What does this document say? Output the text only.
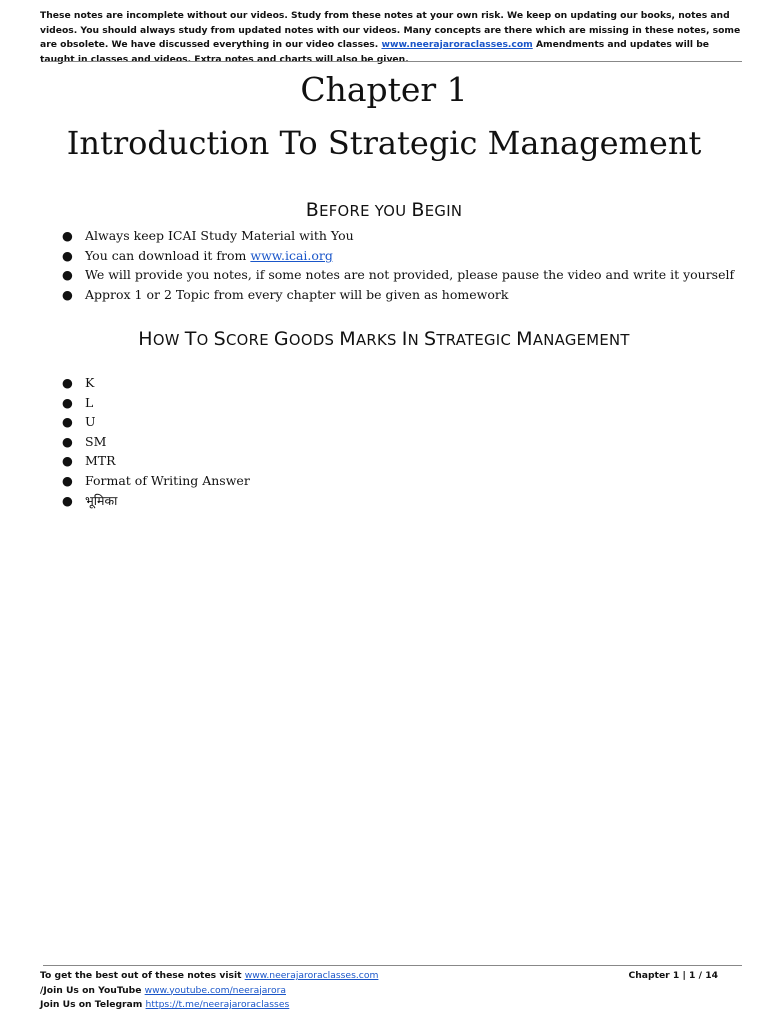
These notes are incomplete without our videos. Study from these notes at your own risk. We keep on updating our books, notes and videos. You should always study from updated notes with our videos. Many concepts are there which are missing in these notes, some are obsolete. We have discussed everything in our video classes. www.neerajaroraclasses.com Amendments and updates will be taught in classes and videos. Extra notes and charts will also be given.
Chapter 1
Introduction To Strategic Management
BEFORE YOU BEGIN
● Always keep ICAI Study Material with You
● You can download it from www.icai.org
● We will provide you notes, if some notes are not provided, please pause the video and write it yourself
● Approx 1 or 2 Topic from every chapter will be given as homework
HOW TO SCORE GOODS MARKS IN STRATEGIC MANAGEMENT
● K
● L
● U
● SM
● MTR
● Format of Writing Answer
● भूमिका
To get the best out of these notes visit www.neerajaroraclasses.com
/Join Us on YouTube www.youtube.com/neerajarora
Join Us on Telegram https://t.me/neerajaroraclasses
Chapter 1 | 1 / 14
